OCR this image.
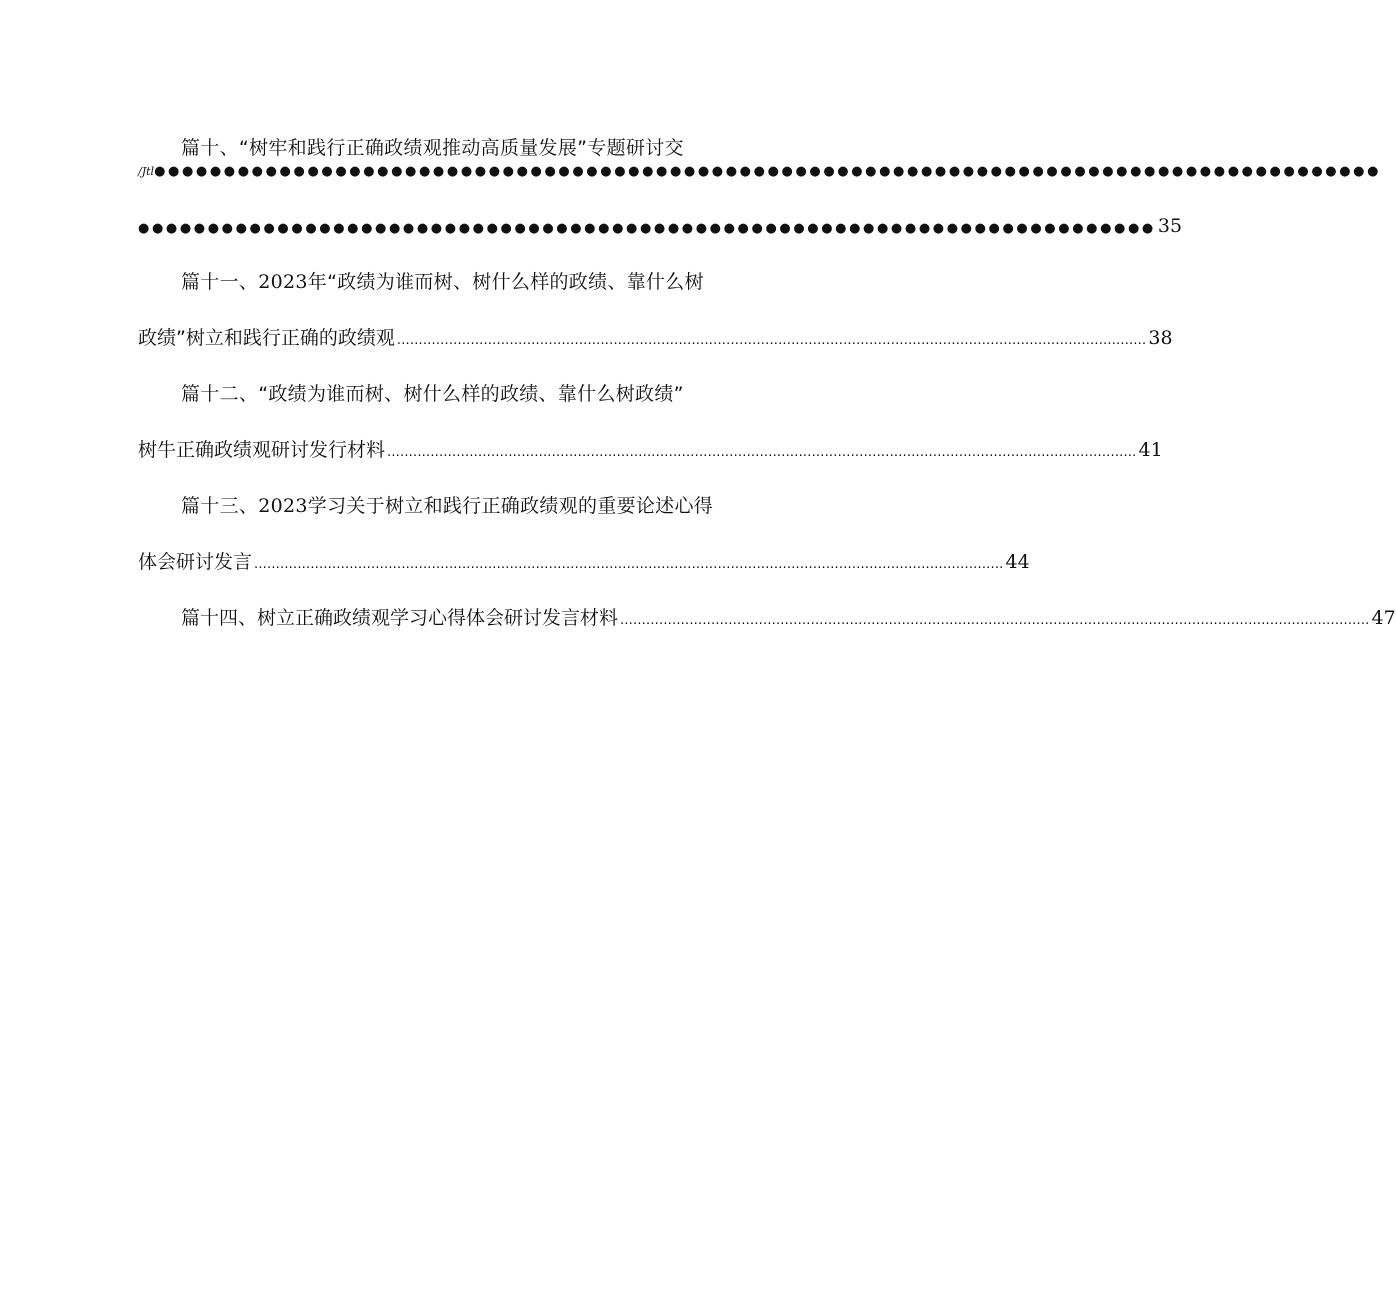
篇十、“树牢和践行正确政绩观推动高质量发展”专题研讨交
/Jtl ●●●●●●●●●●●●●●●●●●●●●●●●●●●●●●●●●●●●●●●●●●●●●●●●●●●●●●●●●●●●●●●●●●●●●●●●●●●●●●●●●●●●●●●●
●●●●●●●●●●●●●●●●●●●●●●●●●●●●●●●●●●●●●●●●●●●●●●●●●●●●●●●●●●●●●●●●●●●●●●●●● 35
篇十一、2023年“政绩为谁而树、树什么样的政绩、靠什么树
政绩”树立和践行正确的政绩观 ............................................................................................................................................................................. 38
篇十二、“政绩为谁而树、树什么样的政绩、靠什么树政绩”
树牛正确政绩观研讨发行材料 ............................................................................................................................................................................. 41
篇十三、2023学习关于树立和践行正确政绩观的重要论述心得
体会研讨发言 ............................................................................................................................................................................. 44
篇十四、树立正确政绩观学习心得体会研讨发言材料 ............................................................................................................................................................................. 47
